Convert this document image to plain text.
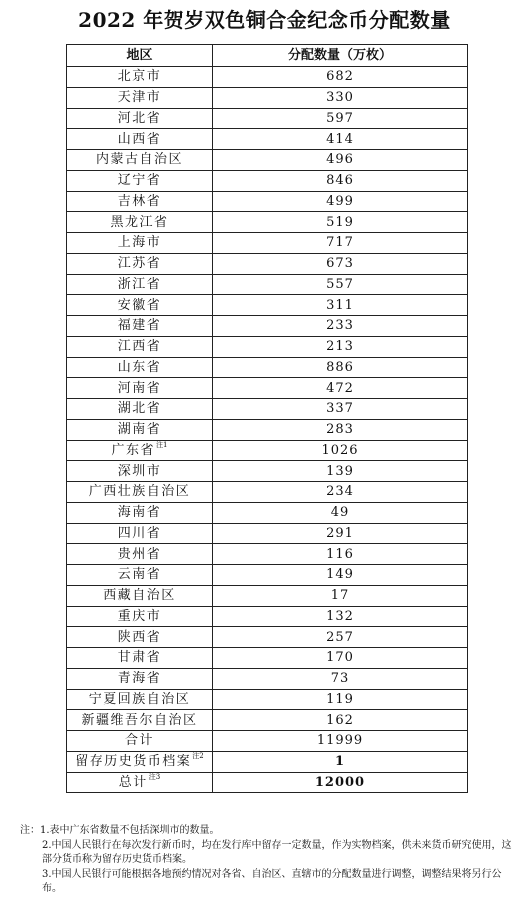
2022 年贺岁双色铜合金纪念币分配数量
地区	分配数量（万枚）
北京市	682
天津市	330
河北省	597
山西省	414
内蒙古自治区	496
辽宁省	846
吉林省	499
黑龙江省	519
上海市	717
江苏省	673
浙江省	557
安徽省	311
福建省	233
江西省	213
山东省	886
河南省	472
湖北省	337
湖南省	283
广东省$^{注1}$	1026
深圳市	139
广西壮族自治区	234
海南省	49
四川省	291
贵州省	116
云南省	149
西藏自治区	17
重庆市	132
陕西省	257
甘肃省	170
青海省	73
宁夏回族自治区	119
新疆维吾尔自治区	162
合计	11999
留存历史货币档案$^{注2}$	1
总计$^{注3}$	12000

注：1.表中广东省数量不包括深圳市的数量。

2.中国人民银行在每次发行新币时，均在发行库中留存一定数量，作为实物档案，供未来货币研究使用，这部分货币称为留存历史货币档案。

3.中国人民银行可能根据各地预约情况对各省、自治区、直辖市的分配数量进行调整，调整结果将另行公布。
